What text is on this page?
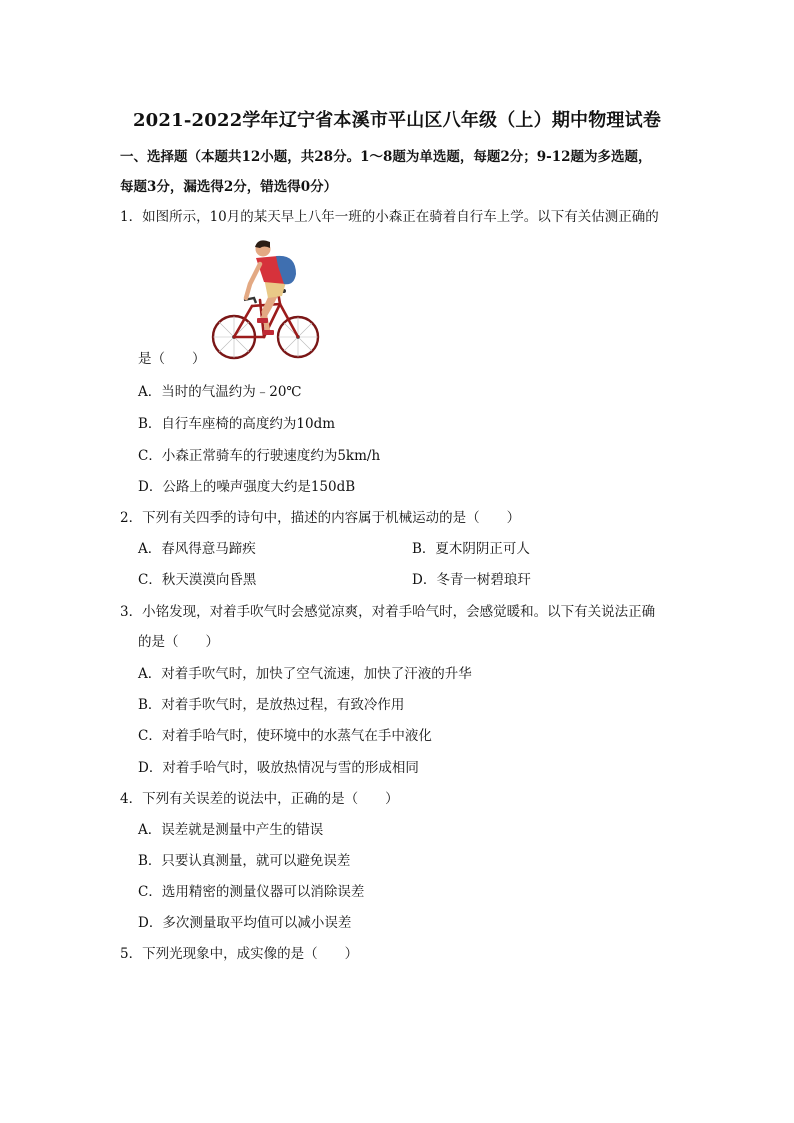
2021-2022学年辽宁省本溪市平山区八年级（上）期中物理试卷
一、选择题（本题共12小题，共28分。1～8题为单选题，每题2分；9-12题为多选题，
每题3分，漏选得2分，错选得0分）
1．如图所示，10月的某天早上八年一班的小森正在骑着自行车上学。以下有关估测正确的
是（　　）
A．当时的气温约为﹣20℃
B．自行车座椅的高度约为10dm
C．小森正常骑车的行驶速度约为5km/h
D．公路上的噪声强度大约是150dB
2．下列有关四季的诗句中，描述的内容属于机械运动的是（　　）
A．春风得意马蹄疾	B．夏木阴阴正可人
C．秋天漠漠向昏黑	D．冬青一树碧琅玕
3．小铭发现，对着手吹气时会感觉凉爽，对着手哈气时，会感觉暖和。以下有关说法正确
的是（　　）
A．对着手吹气时，加快了空气流速，加快了汗液的升华
B．对着手吹气时，是放热过程，有致冷作用
C．对着手哈气时，使环境中的水蒸气在手中液化
D．对着手哈气时，吸放热情况与雪的形成相同
4．下列有关误差的说法中，正确的是（　　）
A．误差就是测量中产生的错误
B．只要认真测量，就可以避免误差
C．选用精密的测量仪器可以消除误差
D．多次测量取平均值可以减小误差
5．下列光现象中，成实像的是（　　）
